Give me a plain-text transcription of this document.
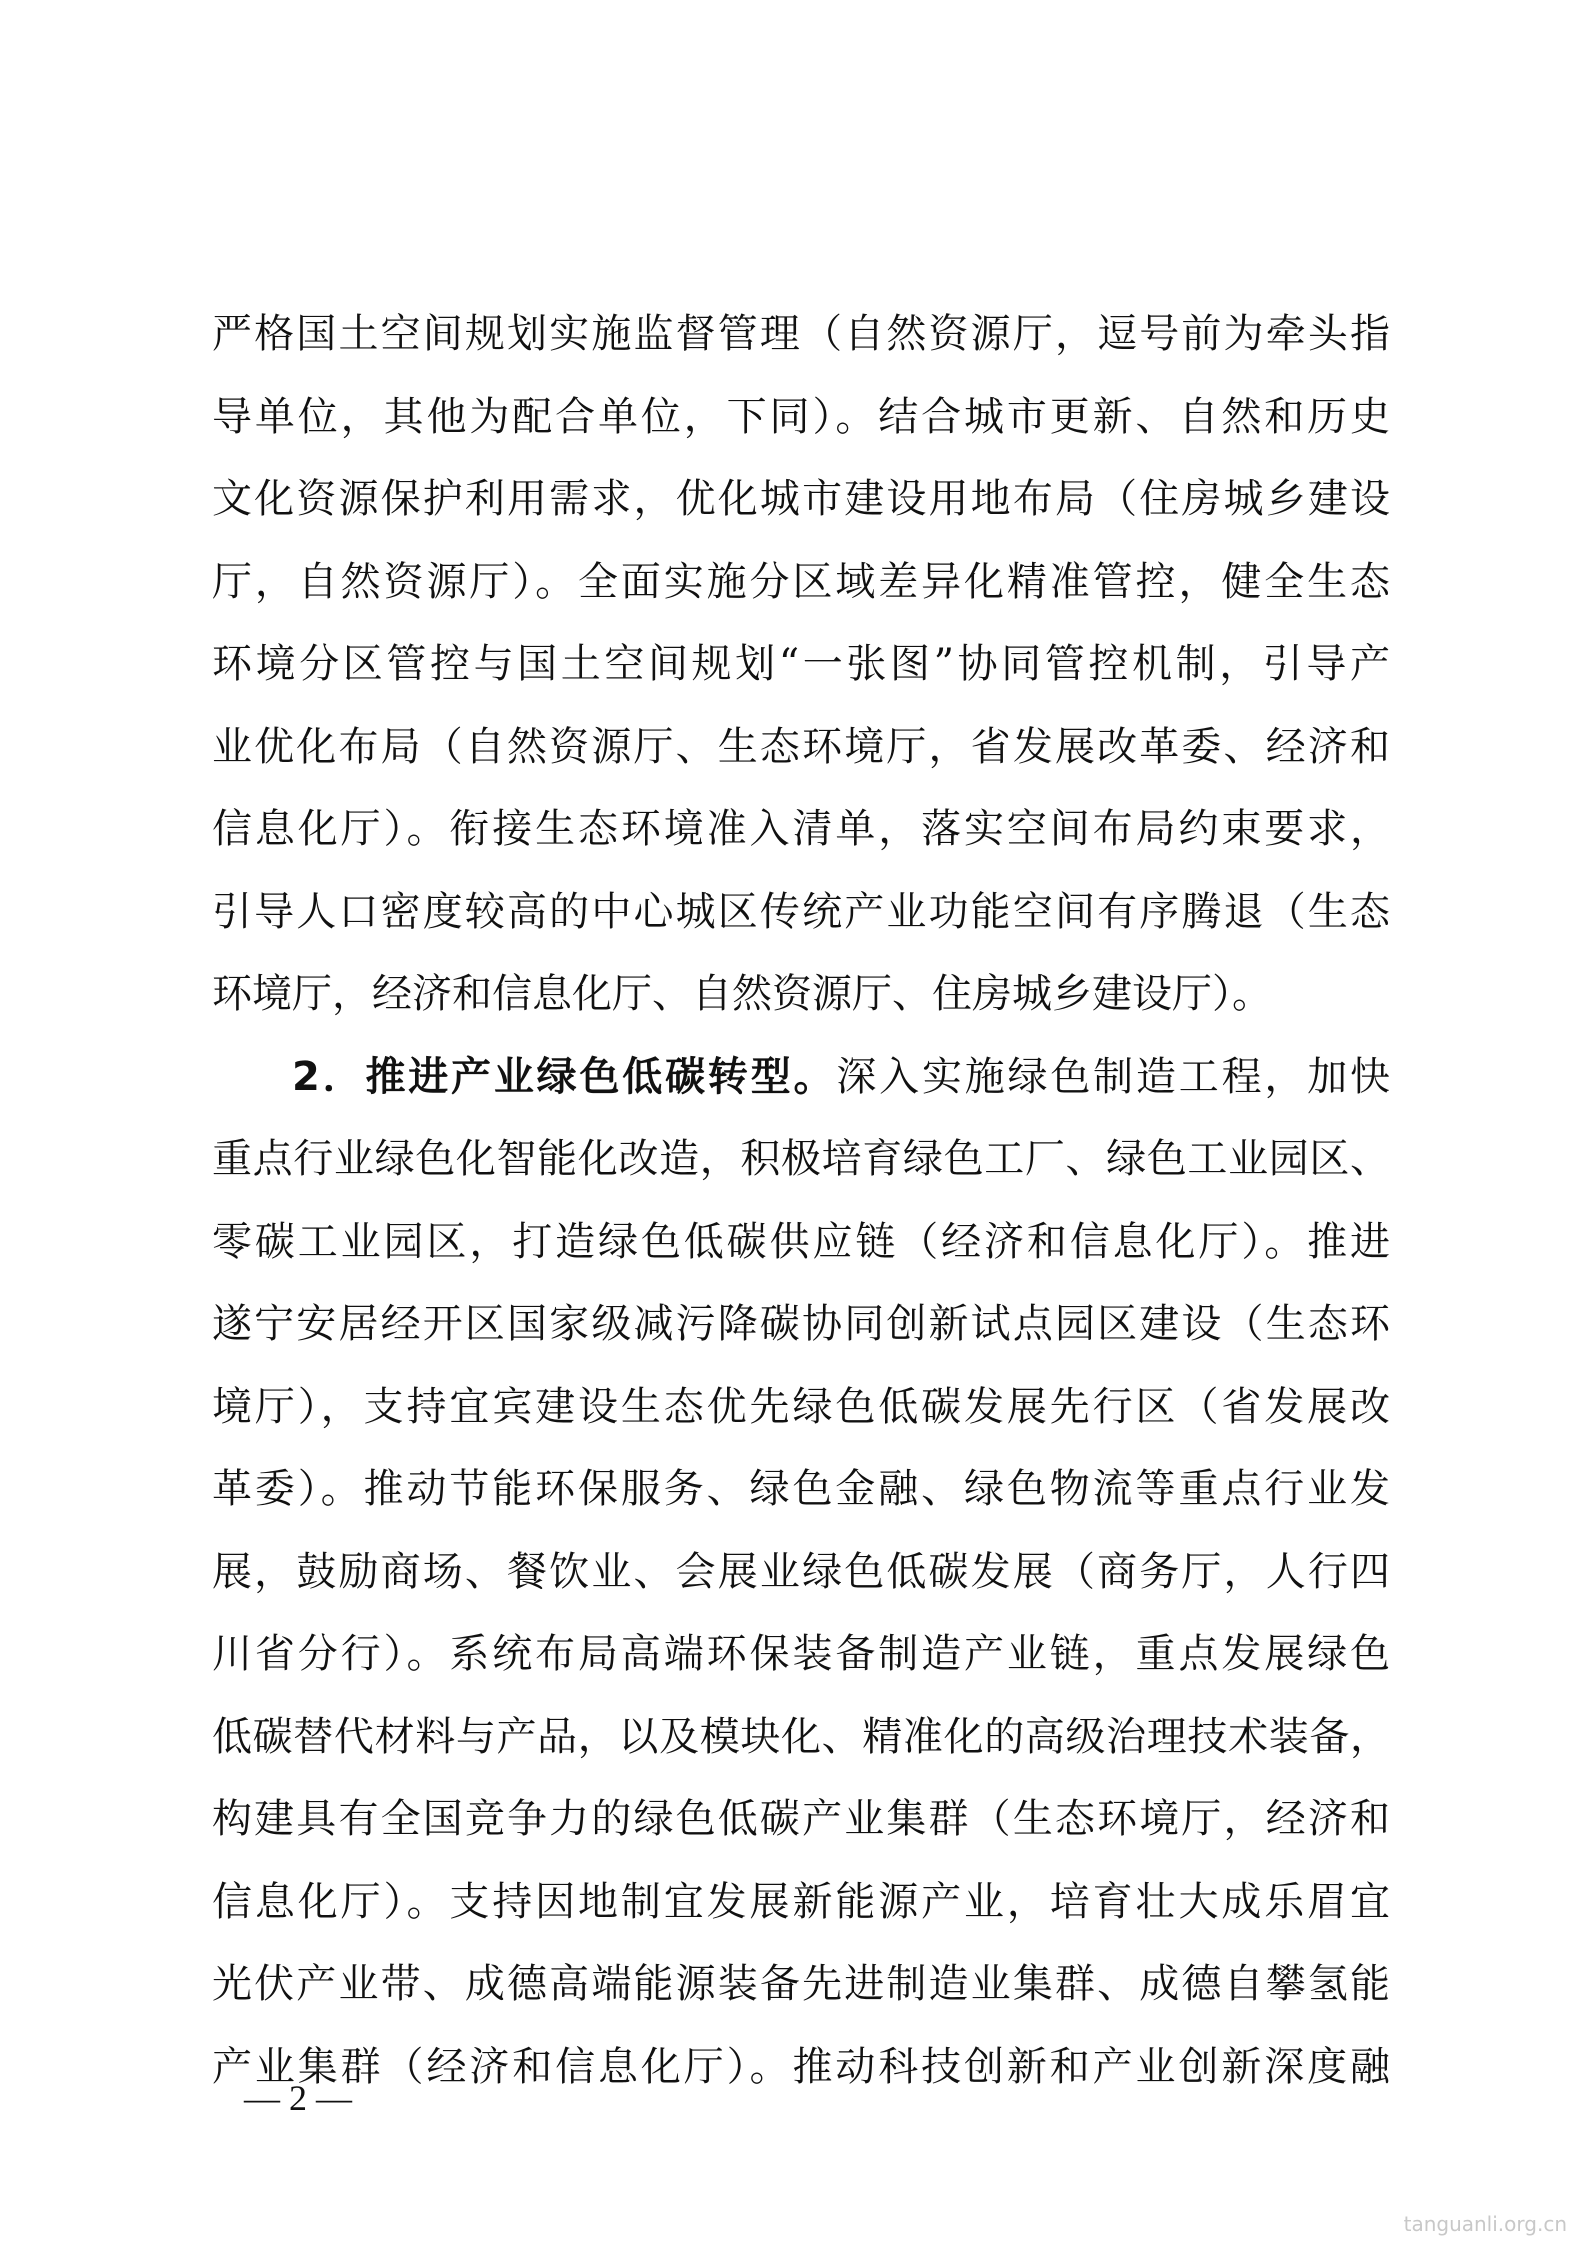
严格国土空间规划实施监督管理（自然资源厅，逗号前为牵头指
导单位，其他为配合单位，下同）。结合城市更新、自然和历史
文化资源保护利用需求，优化城市建设用地布局（住房城乡建设
厅，自然资源厅）。全面实施分区域差异化精准管控，健全生态
环境分区管控与国土空间规划“一张图”协同管控机制，引导产
业优化布局（自然资源厅、生态环境厅，省发展改革委、经济和
信息化厅）。衔接生态环境准入清单，落实空间布局约束要求，
引导人口密度较高的中心城区传统产业功能空间有序腾退（生态
环境厅，经济和信息化厅、自然资源厅、住房城乡建设厅）。
2．推进产业绿色低碳转型。深入实施绿色制造工程，加快
重点行业绿色化智能化改造，积极培育绿色工厂、绿色工业园区、
零碳工业园区，打造绿色低碳供应链（经济和信息化厅）。推进
遂宁安居经开区国家级减污降碳协同创新试点园区建设（生态环
境厅），支持宜宾建设生态优先绿色低碳发展先行区（省发展改
革委）。推动节能环保服务、绿色金融、绿色物流等重点行业发
展，鼓励商场、餐饮业、会展业绿色低碳发展（商务厅，人行四
川省分行）。系统布局高端环保装备制造产业链，重点发展绿色
低碳替代材料与产品，以及模块化、精准化的高级治理技术装备，
构建具有全国竞争力的绿色低碳产业集群（生态环境厅，经济和
信息化厅）。支持因地制宜发展新能源产业，培育壮大成乐眉宜
光伏产业带、成德高端能源装备先进制造业集群、成德自攀氢能
产业集群（经济和信息化厅）。推动科技创新和产业创新深度融
— 2 —
tanguanli.org.cn
